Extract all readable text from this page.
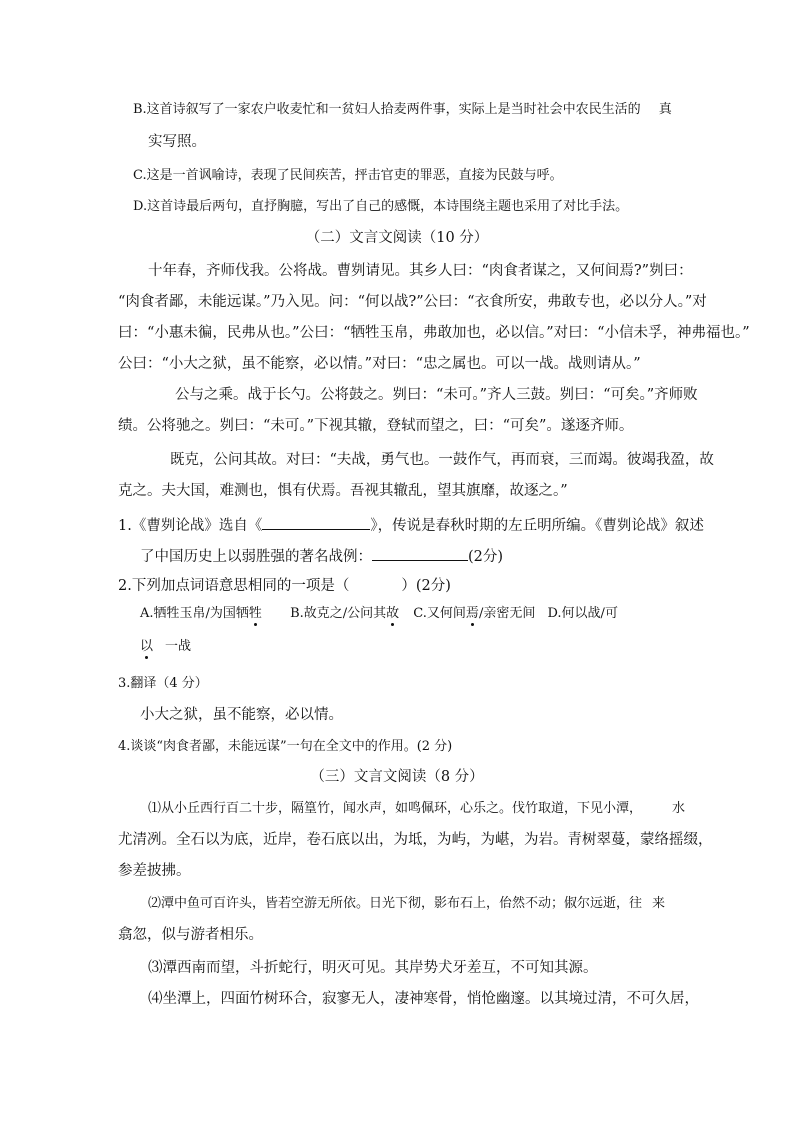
B.这首诗叙写了一家农户收麦忙和一贫妇人拾麦两件事，实际上是当时社会中农民生活的 真
实写照。
C.这是一首讽喻诗，表现了民间疾苦，抨击官吏的罪恶，直接为民鼓与呼。
D.这首诗最后两句，直抒胸臆，写出了自己的感慨，本诗围绕主题也采用了对比手法。
（二）文言文阅读（10 分）
十年春，齐师伐我。公将战。曹刿请见。其乡人曰：“肉食者谋之，又何间焉?”刿曰：
“肉食者鄙，未能远谋。”乃入见。问：“何以战?”公曰：“衣食所安，弗敢专也，必以分人。”对
曰：“小惠未徧，民弗从也。”公曰：“牺牲玉帛，弗敢加也，必以信。”对曰：“小信未孚，神弗福也。”
公曰：“小大之狱，虽不能察，必以情。”对曰：“忠之属也。可以一战。战则请从。”
公与之乘。战于长勺。公将鼓之。刿曰：“未可。”齐人三鼓。刿曰：“可矣。”齐师败
绩。公将驰之。刿曰：“未可。”下视其辙，登轼而望之，曰：“可矣”。遂逐齐师。
既克，公问其故。对曰：“夫战，勇气也。一鼓作气，再而衰，三而竭。彼竭我盈，故
克之。夫大国，难测也，惧有伏焉。吾视其辙乱，望其旗靡，故逐之。”
1.《曹刿论战》选自《	》，传说是春秋时期的左丘明所编。《曹刿论战》叙述
了中国历史上以弱胜强的著名战例：	(2分)
2.下列加点词语意思相同的一项是（	）(2分)
A.牺牲玉帛/为国牺牲 B.故克之/公问其故 C.又何间焉/亲密无间 D.何以战/可
以 一战
3.翻译（4 分）
小大之狱，虽不能察，必以情。
4.谈谈“肉食者鄙，未能远谋”一句在全文中的作用。(2 分)
（三）文言文阅读（8 分）
⑴从小丘西行百二十步，隔篁竹，闻水声，如鸣佩环，心乐之。伐竹取道，下见小潭， 水
尤清冽。全石以为底，近岸，卷石底以出，为坻，为屿，为嵁，为岩。青树翠蔓，蒙络摇缀，
参差披拂。
⑵潭中鱼可百许头，皆若空游无所依。日光下彻，影布石上，佁然不动；俶尔远逝，往 来
翕忽，似与游者相乐。
⑶潭西南而望，斗折蛇行，明灭可见。其岸势犬牙差互，不可知其源。
⑷坐潭上，四面竹树环合，寂寥无人，凄神寒骨，悄怆幽邃。以其境过清，不可久居，
